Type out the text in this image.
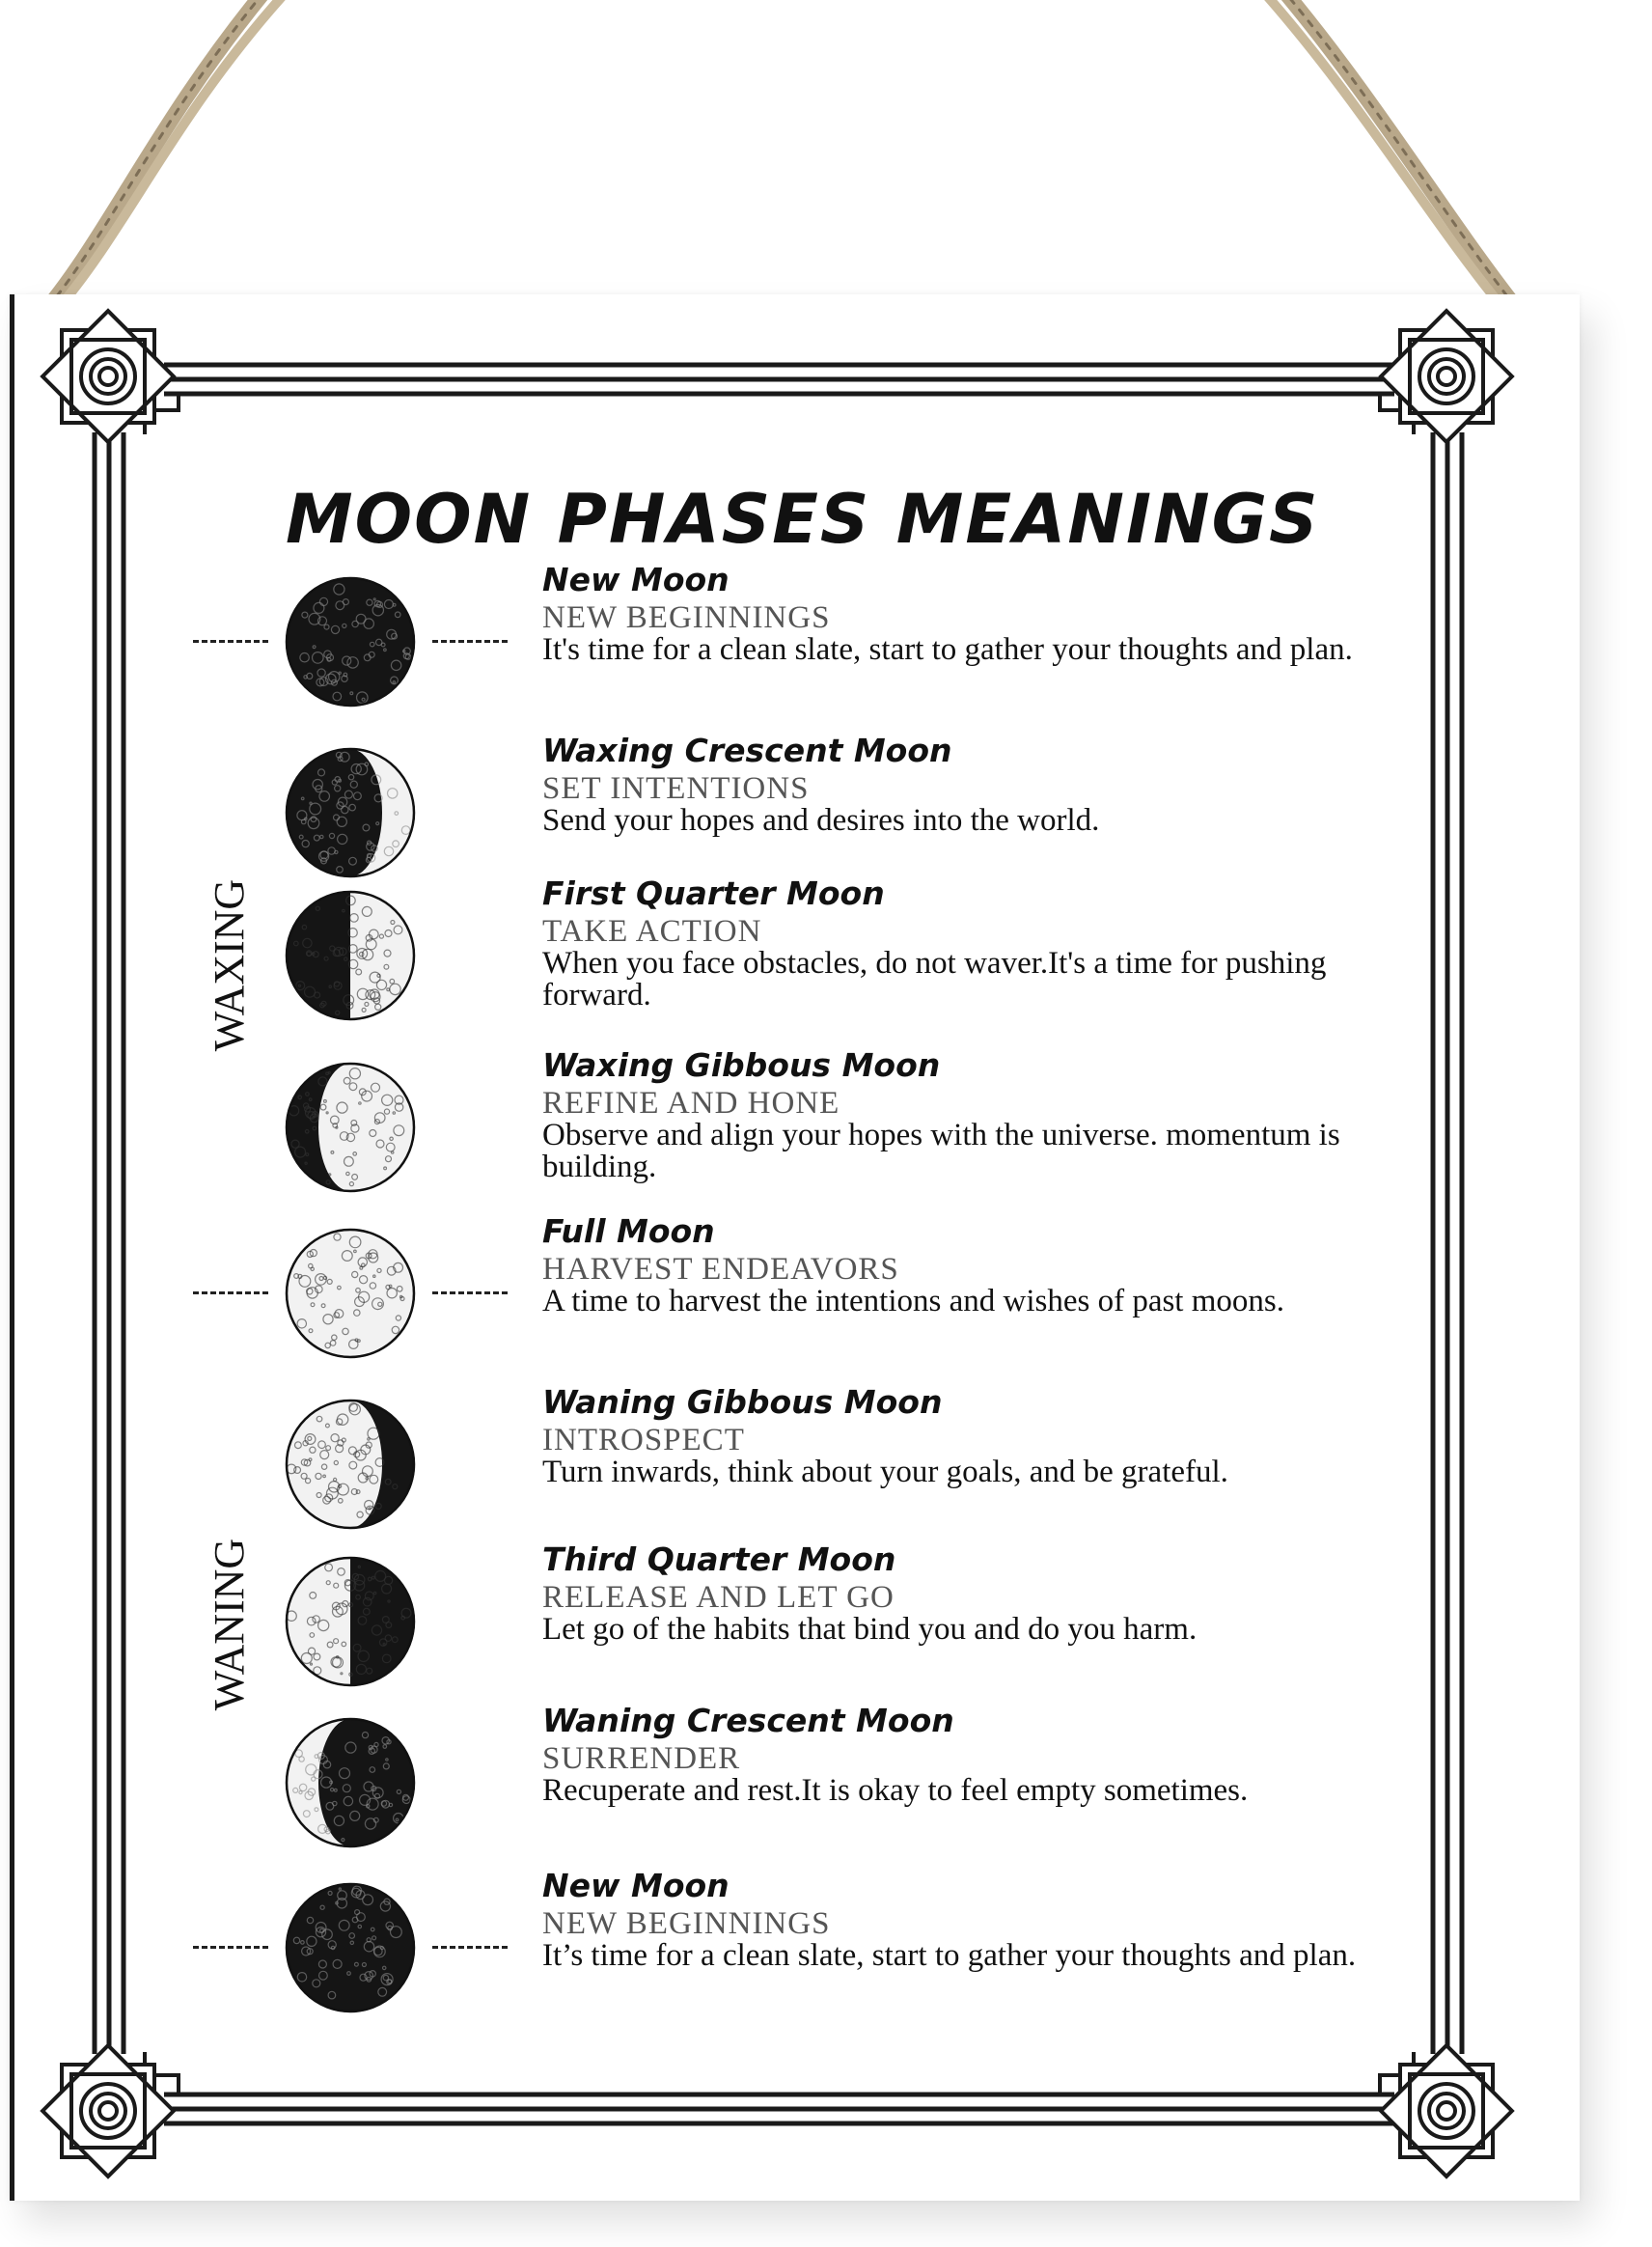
MOON PHASES MEANINGS
WAXING
WANING

New Moon

NEW BEGINNINGS

It's time for a clean slate, start to gather your thoughts and plan.

Waxing Crescent Moon

SET INTENTIONS

Send your hopes and desires into the world.

First Quarter Moon

TAKE ACTION

When you face obstacles, do not waver.It's a time for pushing forward.

Waxing Gibbous Moon

REFINE AND HONE

Observe and align your hopes with the universe. momentum is building.

Full Moon

HARVEST ENDEAVORS

A time to harvest the intentions and wishes of past moons.

Waning Gibbous Moon

INTROSPECT

Turn inwards, think about your goals, and be grateful.

Third Quarter Moon

RELEASE AND LET GO

Let go of the habits that bind you and do you harm.

Waning Crescent Moon

SURRENDER

Recuperate and rest.It is okay to feel empty sometimes.

New Moon

NEW BEGINNINGS

It’s time for a clean slate, start to gather your thoughts and plan.
